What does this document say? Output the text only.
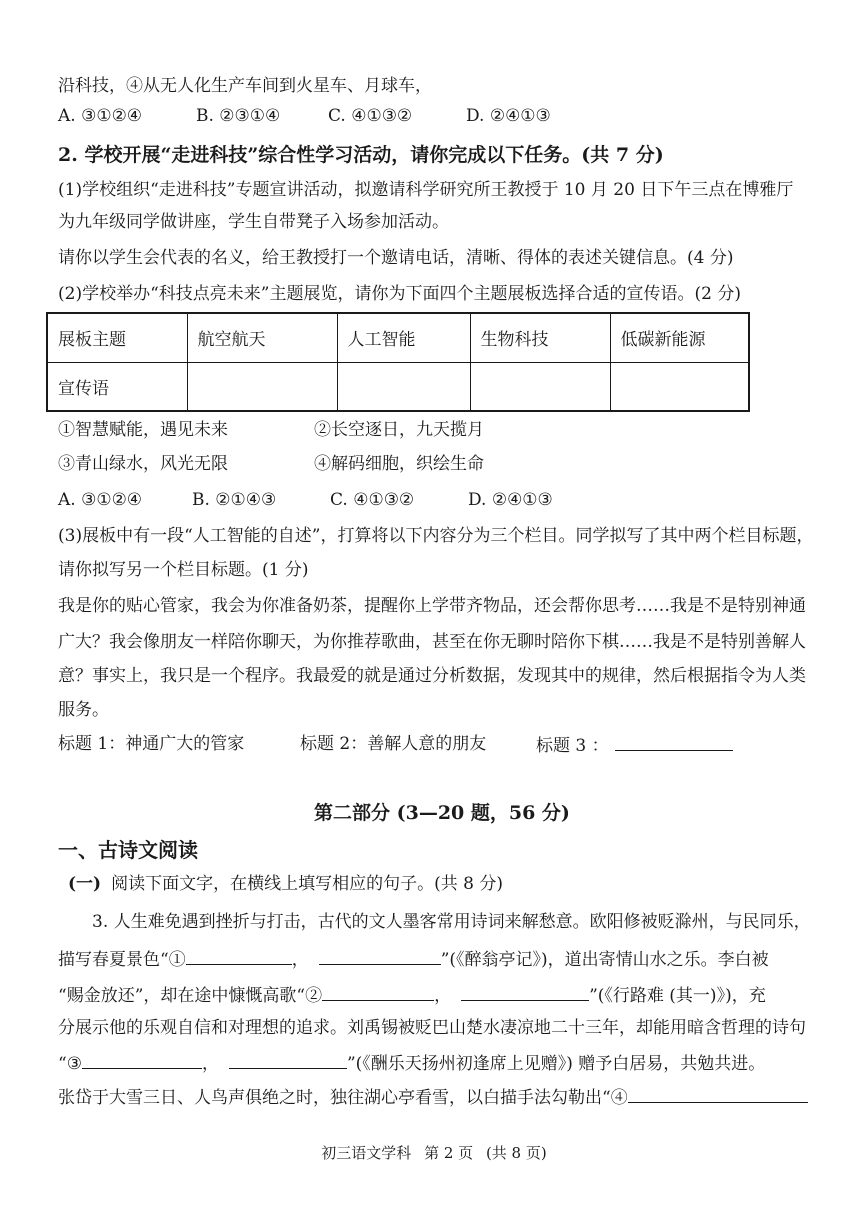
沿科技，④从无人化生产车间到火星车、月球车，
A. ③①②④	B. ②③①④	C. ④①③②	D. ②④①③
2. 学校开展“走进科技”综合性学习活动，请你完成以下任务。(共 7 分)
(1)学校组织“走进科技”专题宣讲活动，拟邀请科学研究所王教授于 10 月 20 日下午三点在博雅厅
为九年级同学做讲座，学生自带凳子入场参加活动。
请你以学生会代表的名义，给王教授打一个邀请电话，清晰、得体的表述关键信息。(4 分)
(2)学校举办“科技点亮未来”主题展览，请你为下面四个主题展板选择合适的宣传语。(2 分)
展板主题	航空航天	人工智能	生物科技	低碳新能源
宣传语				
①智慧赋能，遇见未来	②长空逐日，九天揽月
③青山绿水，风光无限	④解码细胞，织绘生命
A. ③①②④	B. ②①④③	C. ④①③②	D. ②④①③
(3)展板中有一段“人工智能的自述”，打算将以下内容分为三个栏目。同学拟写了其中两个栏目标题，
请你拟写另一个栏目标题。(1 分)
我是你的贴心管家，我会为你准备奶茶，提醒你上学带齐物品，还会帮你思考……我是不是特别神通
广大？我会像朋友一样陪你聊天，为你推荐歌曲，甚至在你无聊时陪你下棋……我是不是特别善解人
意？事实上，我只是一个程序。我最爱的就是通过分析数据，发现其中的规律，然后根据指令为人类
服务。
标题 1：神通广大的管家	标题 2：善解人意的朋友	标题 3 ：
第二部分 (3—20 题，56 分)
一、古诗文阅读
(一) 阅读下面文字，在横线上填写相应的句子。(共 8 分)
3. 人生难免遇到挫折与打击，古代的文人墨客常用诗词来解愁意。欧阳修被贬滁州，与民同乐，
描写春夏景色“①	，	”(《醉翁亭记》)，道出寄情山水之乐。李白被
“赐金放还”，却在途中慷慨高歌“②	，	”(《行路难 (其一)》)，充
分展示他的乐观自信和对理想的追求。刘禹锡被贬巴山楚水凄凉地二十三年，却能用暗含哲理的诗句
“③	，	”(《酬乐天扬州初逢席上见赠》) 赠予白居易，共勉共进。
张岱于大雪三日、人鸟声俱绝之时，独往湖心亭看雪，以白描手法勾勒出“④
初三语文学科 第 2 页 (共 8 页)
